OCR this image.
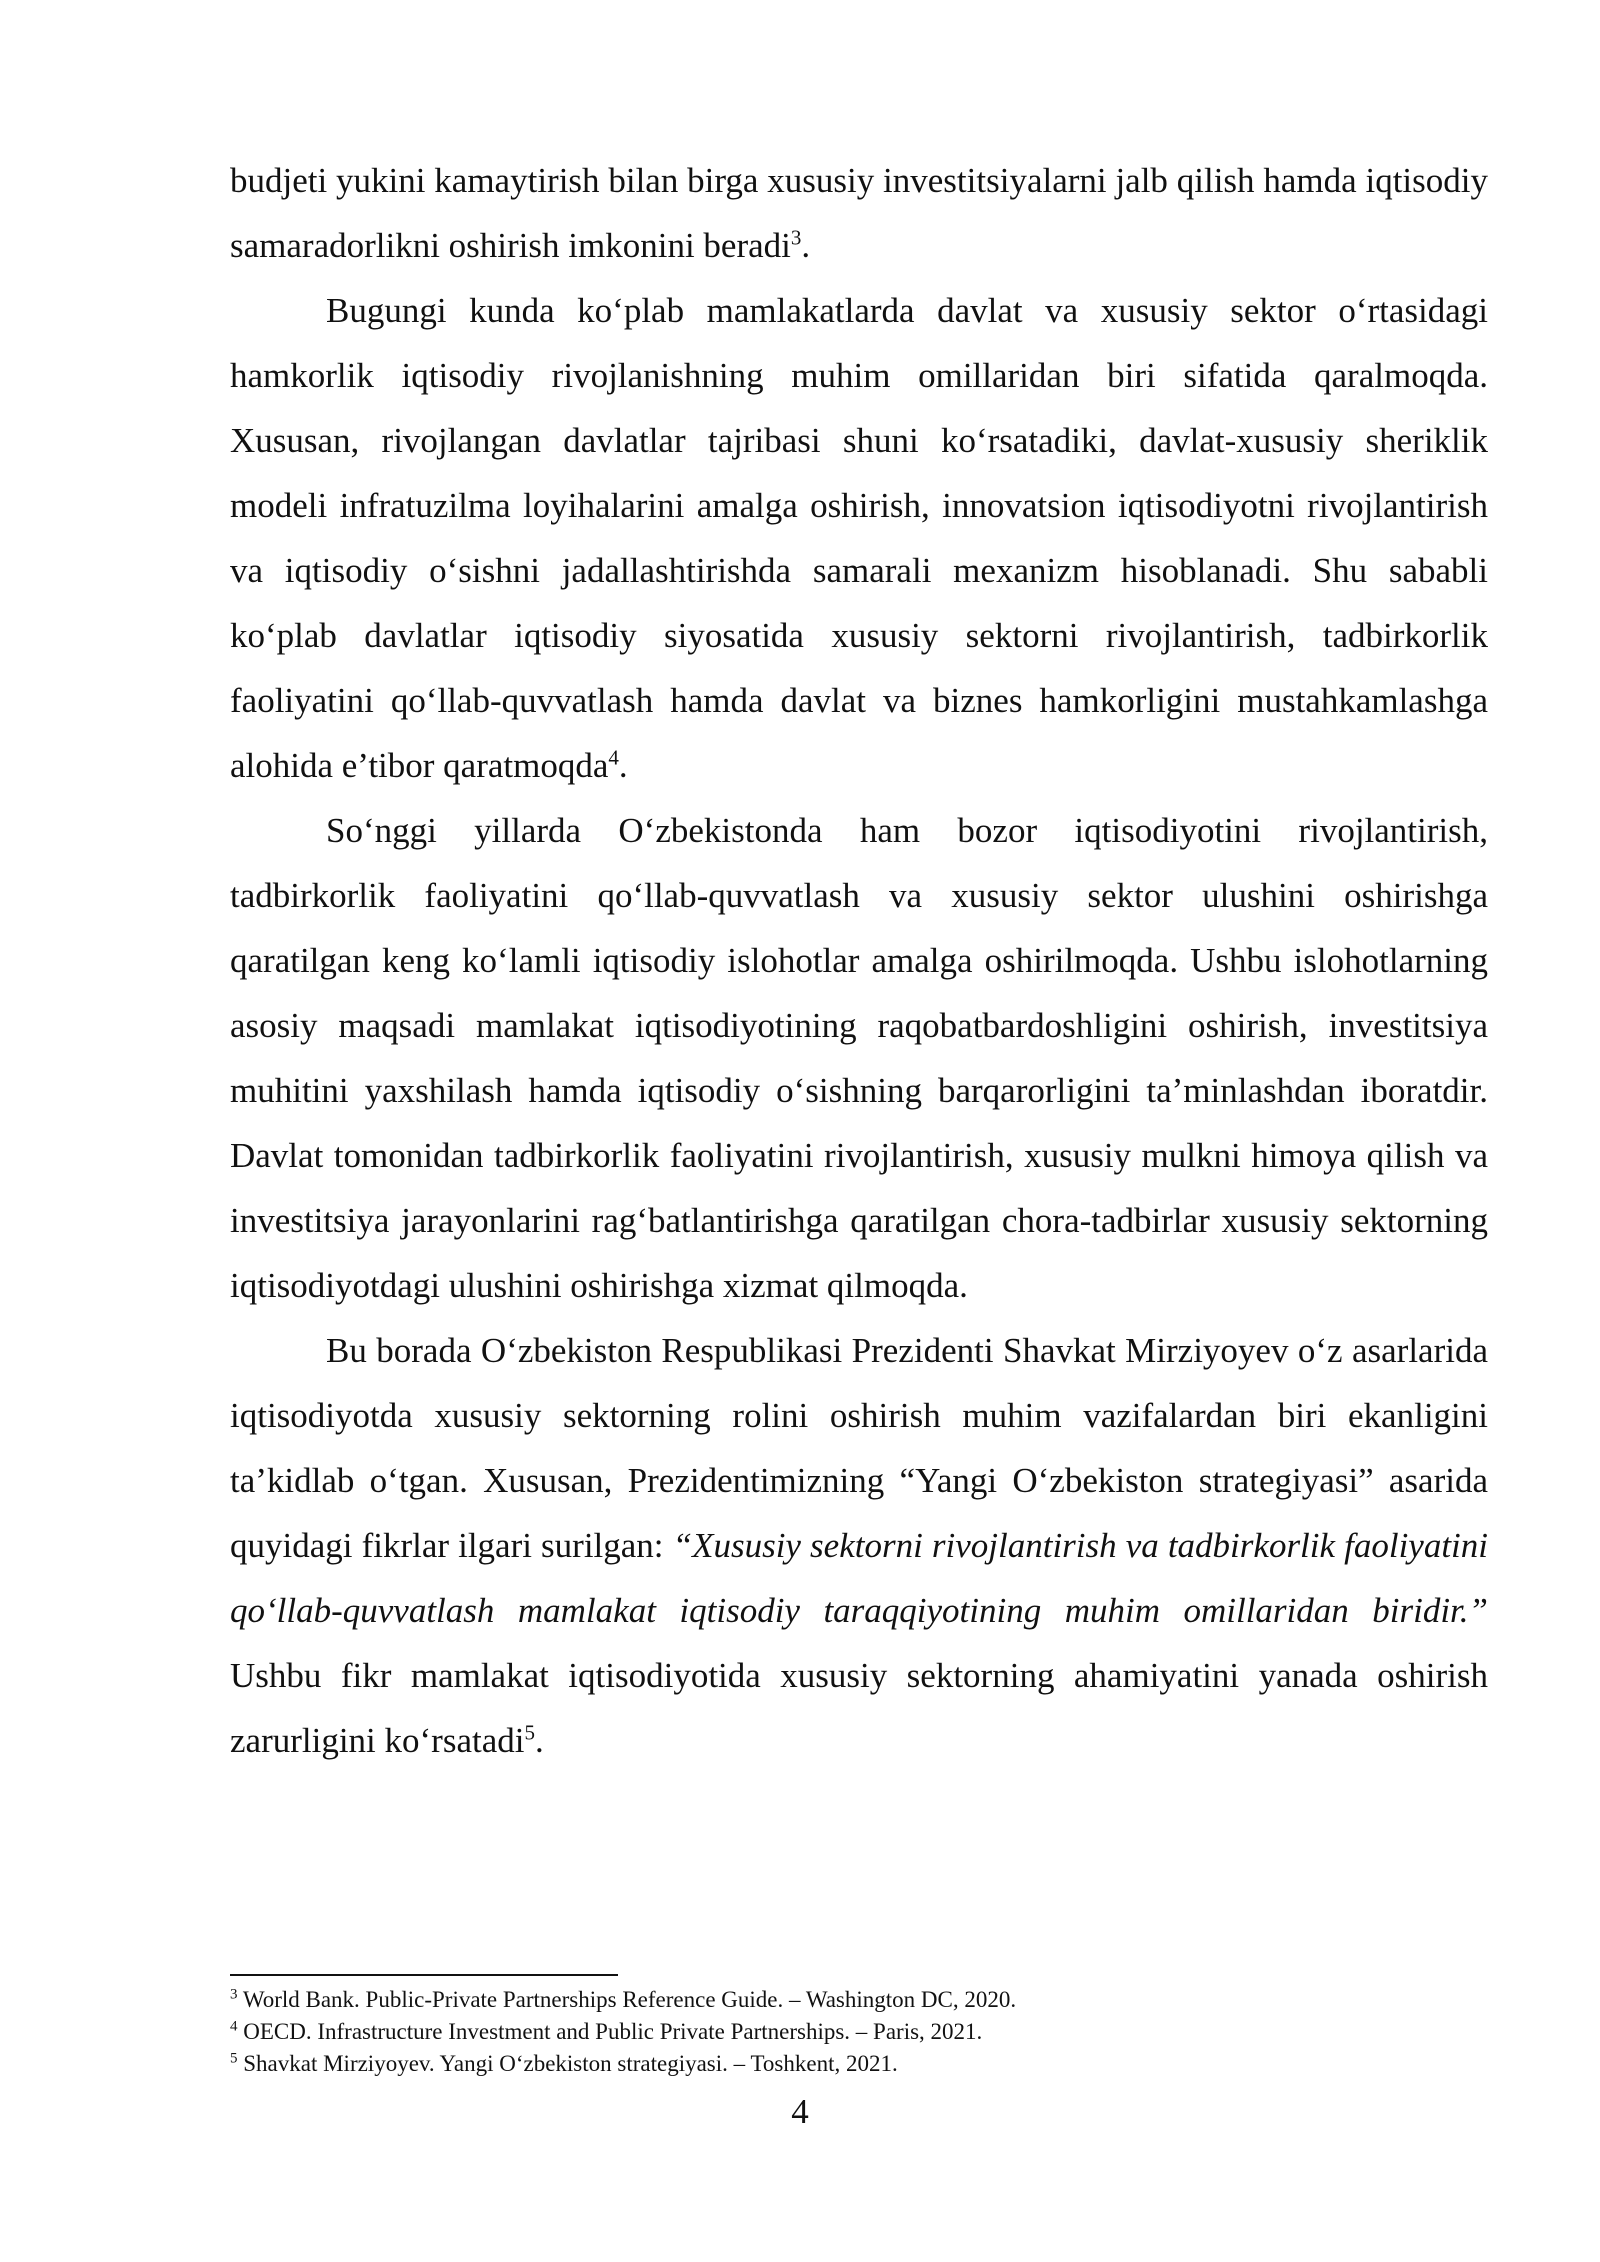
budjeti yukini kamaytirish bilan birga xususiy investitsiyalarni jalb qilish hamda iqtisodiy samaradorlikni oshirish imkonini beradi$^3$.

Bugungi kunda ko‘plab mamlakatlarda davlat va xususiy sektor o‘rtasidagi hamkorlik iqtisodiy rivojlanishning muhim omillaridan biri sifatida qaralmoqda. Xususan, rivojlangan davlatlar tajribasi shuni ko‘rsatadiki, davlat-xususiy sheriklik modeli infratuzilma loyihalarini amalga oshirish, innovatsion iqtisodiyotni rivojlantirish va iqtisodiy o‘sishni jadallashtirishda samarali mexanizm hisoblanadi. Shu sababli ko‘plab davlatlar iqtisodiy siyosatida xususiy sektorni rivojlantirish, tadbirkorlik faoliyatini qo‘llab-quvvatlash hamda davlat va biznes hamkorligini mustahkamlashga alohida e’tibor qaratmoqda$^4$.

So‘nggi yillarda O‘zbekistonda ham bozor iqtisodiyotini rivojlantirish, tadbirkorlik faoliyatini qo‘llab-quvvatlash va xususiy sektor ulushini oshirishga qaratilgan keng ko‘lamli iqtisodiy islohotlar amalga oshirilmoqda. Ushbu islohotlarning asosiy maqsadi mamlakat iqtisodiyotining raqobatbardoshligini oshirish, investitsiya muhitini yaxshilash hamda iqtisodiy o‘sishning barqarorligini ta’minlashdan iboratdir. Davlat tomonidan tadbirkorlik faoliyatini rivojlantirish, xususiy mulkni himoya qilish va investitsiya jarayonlarini rag‘batlantirishga qaratilgan chora-tadbirlar xususiy sektorning iqtisodiyotdagi ulushini oshirishga xizmat qilmoqda.

Bu borada O‘zbekiston Respublikasi Prezidenti Shavkat Mirziyoyev o‘z asarlarida iqtisodiyotda xususiy sektorning rolini oshirish muhim vazifalardan biri ekanligini ta’kidlab o‘tgan. Xususan, Prezidentimizning “Yangi O‘zbekiston strategiyasi” asarida quyidagi fikrlar ilgari surilgan: “Xususiy sektorni rivojlantirish va tadbirkorlik faoliyatini qo‘llab-quvvatlash mamlakat iqtisodiy taraqqiyotining muhim omillaridan biridir.” Ushbu fikr mamlakat iqtisodiyotida xususiy sektorning ahamiyatini yanada oshirish zarurligini ko‘rsatadi$^5$.

$^3$ World Bank. Public-Private Partnerships Reference Guide. – Washington DC, 2020.

$^4$ OECD. Infrastructure Investment and Public Private Partnerships. – Paris, 2021.

$^5$ Shavkat Mirziyoyev. Yangi O‘zbekiston strategiyasi. – Toshkent, 2021.

4
